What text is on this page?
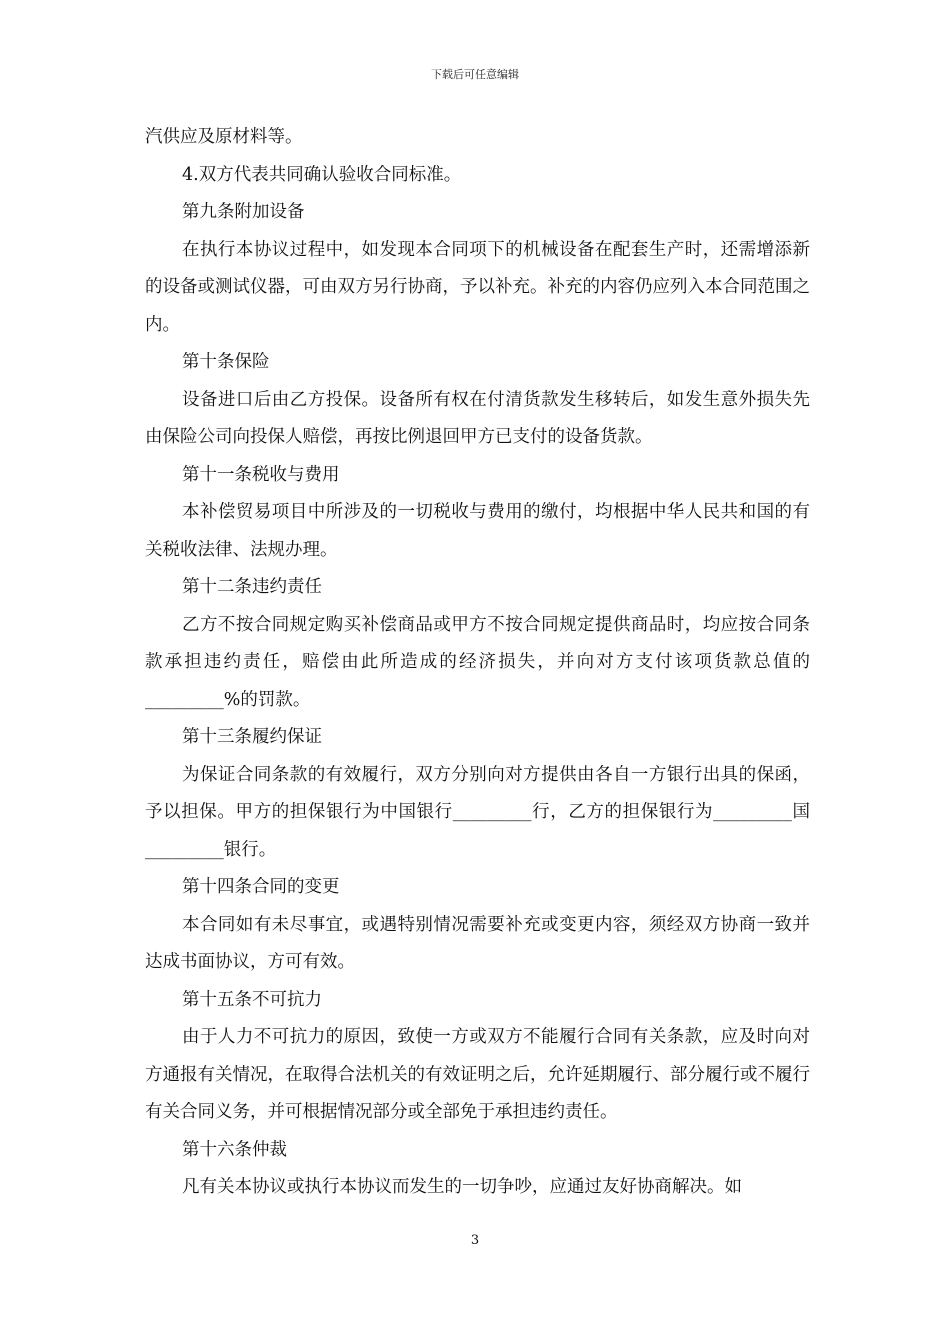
下载后可任意编辑

汽供应及原材料等。

4.双方代表共同确认验收合同标准。

第九条附加设备

在执行本协议过程中，如发现本合同项下的机械设备在配套生产时，还需增添新的设备或测试仪器，可由双方另行协商，予以补充。补充的内容仍应列入本合同范围之内。

第十条保险

设备进口后由乙方投保。设备所有权在付清货款发生移转后，如发生意外损失先由保险公司向投保人赔偿，再按比例退回甲方已支付的设备货款。

第十一条税收与费用

本补偿贸易项目中所涉及的一切税收与费用的缴付，均根据中华人民共和国的有关税收法律、法规办理。

第十二条违约责任

乙方不按合同规定购买补偿商品或甲方不按合同规定提供商品时，均应按合同条款承担违约责任，赔偿由此所造成的经济损失，并向对方支付该项货款总值的_________%的罚款。

第十三条履约保证

为保证合同条款的有效履行，双方分别向对方提供由各自一方银行出具的保函，予以担保。甲方的担保银行为中国银行_________行，乙方的担保银行为_________国_________银行。

第十四条合同的变更

本合同如有未尽事宜，或遇特别情况需要补充或变更内容，须经双方协商一致并达成书面协议，方可有效。

第十五条不可抗力

由于人力不可抗力的原因，致使一方或双方不能履行合同有关条款，应及时向对方通报有关情况，在取得合法机关的有效证明之后，允许延期履行、部分履行或不履行有关合同义务，并可根据情况部分或全部免于承担违约责任。

第十六条仲裁

凡有关本协议或执行本协议而发生的一切争吵，应通过友好协商解决。如

3
